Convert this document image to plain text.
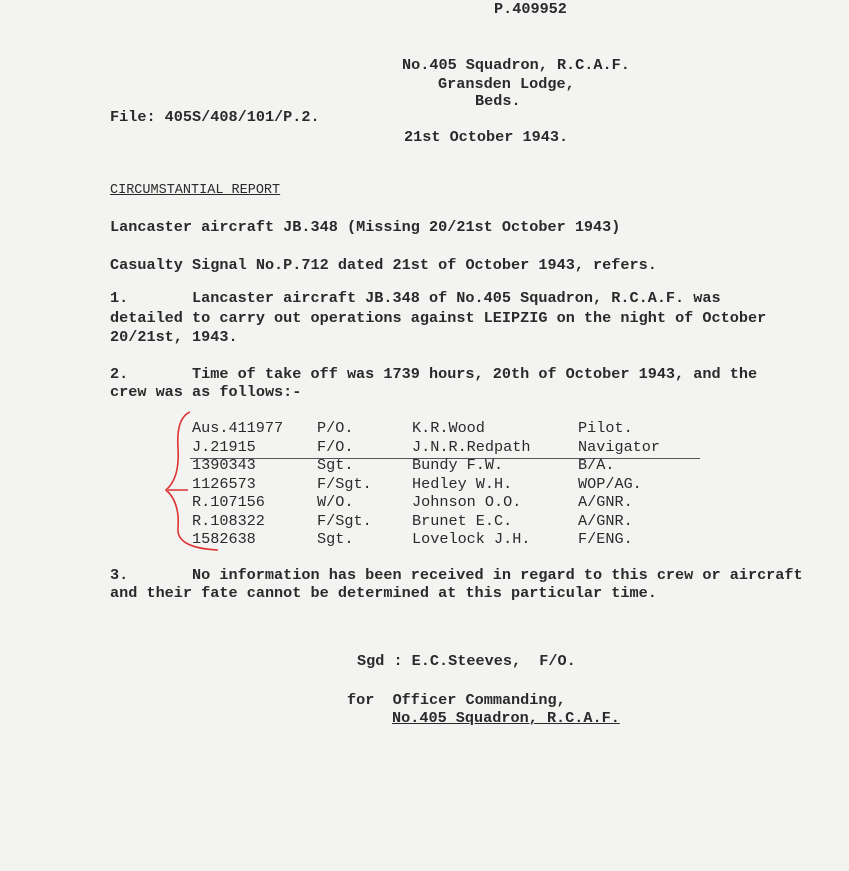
P.409952
No.405 Squadron, R.C.A.F.
Gransden Lodge,
Beds.
File: 405S/408/101/P.2.
21st October 1943.
CIRCUMSTANTIAL REPORT
Lancaster aircraft JB.348 (Missing 20/21st October 1943)
Casualty Signal No.P.712 dated 21st of October 1943, refers.
1.	Lancaster aircraft JB.348 of No.405 Squadron, R.C.A.F. was
detailed to carry out operations against LEIPZIG on the night of October
20/21st, 1943.
2.	Time of take off was 1739 hours, 20th of October 1943, and the
crew was as follows:-
Aus.411977 P/O.	K.R.Wood	Pilot.
J.21915	F/O.	J.N.R.Redpath	Navigator
1390343	Sgt.	Bundy F.W.	B/A.
1126573	F/Sgt.	Hedley W.H.	WOP/AG.
R.107156	W/O.	Johnson O.O.	A/GNR.
R.108322	F/Sgt.	Brunet E.C.	A/GNR.
1582638	Sgt.	Lovelock J.H.	F/ENG.
3.	No information has been received in regard to this crew or aircraft
and their fate cannot be determined at this particular time.
Sgd : E.C.Steeves,  F/O.
for  Officer Commanding,
No.405 Squadron, R.C.A.F.
